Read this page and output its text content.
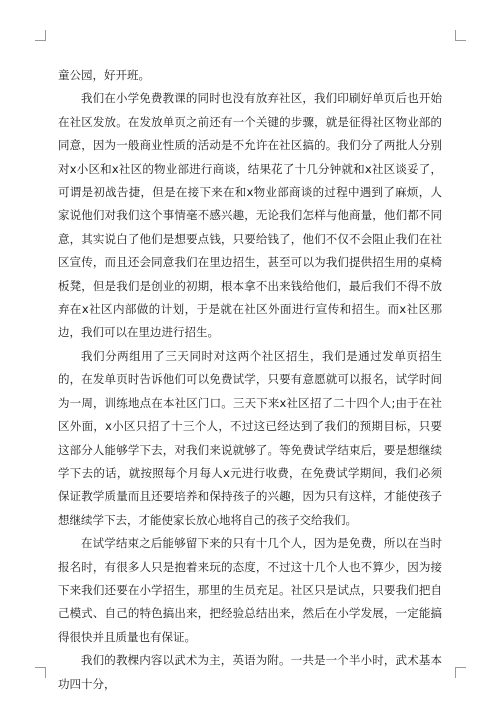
童公园，好开班。

我们在小学免费教课的同时也没有放弃社区，我们印刷好单页后也开始在社区发放。在发放单页之前还有一个关键的步骤，就是征得社区物业部的同意，因为一般商业性质的活动是不允许在社区搞的。我们分了两批人分别对x小区和x社区的物业部进行商谈，结果花了十几分钟就和x社区谈妥了，可谓是初战告捷，但是在接下来在和x物业部商谈的过程中遇到了麻烦，人家说他们对我们这个事情毫不感兴趣，无论我们怎样与他商量，他们都不同意，其实说白了他们是想要点钱，只要给钱了，他们不仅不会阻止我们在社区宣传，而且还会同意我们在里边招生，甚至可以为我们提供招生用的桌椅板凳，但是我们是创业的初期，根本拿不出来钱给他们，最后我们不得不放弃在x社区内部做的计划，于是就在社区外面进行宣传和招生。而x社区那边，我们可以在里边进行招生。

我们分两组用了三天同时对这两个社区招生，我们是通过发单页招生的，在发单页时告诉他们可以免费试学，只要有意愿就可以报名，试学时间为一周，训练地点在本社区门口。三天下来x社区招了二十四个人;由于在社区外面，x小区只招了十三个人，不过这已经达到了我们的预期目标，只要这部分人能够学下去，对我们来说就够了。等免费试学结束后，要是想继续学下去的话，就按照每个月每人x元进行收费，在免费试学期间，我们必须保证教学质量而且还要培养和保持孩子的兴趣，因为只有这样，才能使孩子想继续学下去，才能使家长放心地将自己的孩子交给我们。

在试学结束之后能够留下来的只有十几个人，因为是免费，所以在当时报名时，有很多人只是抱着来玩的态度，不过这十几个人也不算少，因为接下来我们还要在小学招生，那里的生员充足。社区只是试点，只要我们把自己模式、自己的特色搞出来，把经验总结出来，然后在小学发展，一定能搞得很快并且质量也有保证。

我们的教棵内容以武术为主，英语为附。一共是一个半小时，武术基本功四十分，
